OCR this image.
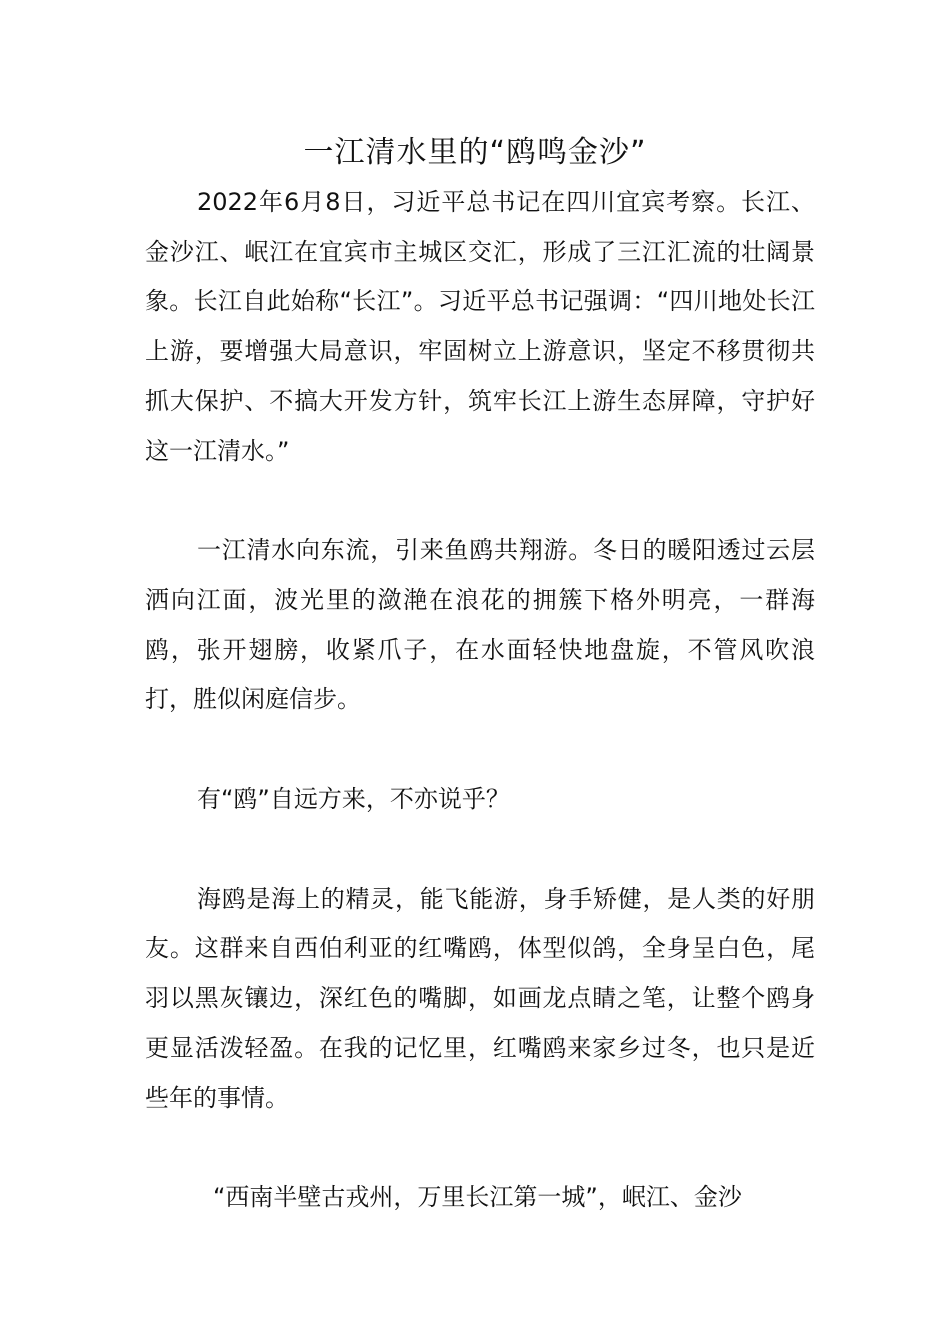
一江清水里的“鸥鸣金沙”

2022年6月8日，习近平总书记在四川宜宾考察。长江、金沙江、岷江在宜宾市主城区交汇，形成了三江汇流的壮阔景象。长江自此始称“长江”。习近平总书记强调：“四川地处长江上游，要增强大局意识，牢固树立上游意识，坚定不移贯彻共抓大保护、不搞大开发方针，筑牢长江上游生态屏障，守护好这一江清水。”

一江清水向东流，引来鱼鸥共翔游。冬日的暖阳透过云层洒向江面，波光里的潋滟在浪花的拥簇下格外明亮，一群海鸥，张开翅膀，收紧爪子，在水面轻快地盘旋，不管风吹浪打，胜似闲庭信步。

有“鸥”自远方来，不亦说乎？

海鸥是海上的精灵，能飞能游，身手矫健，是人类的好朋友。这群来自西伯利亚的红嘴鸥，体型似鸽，全身呈白色，尾羽以黑灰镶边，深红色的嘴脚，如画龙点睛之笔，让整个鸥身更显活泼轻盈。在我的记忆里，红嘴鸥来家乡过冬，也只是近些年的事情。

“西南半壁古戎州，万里长江第一城”，岷江、金沙
